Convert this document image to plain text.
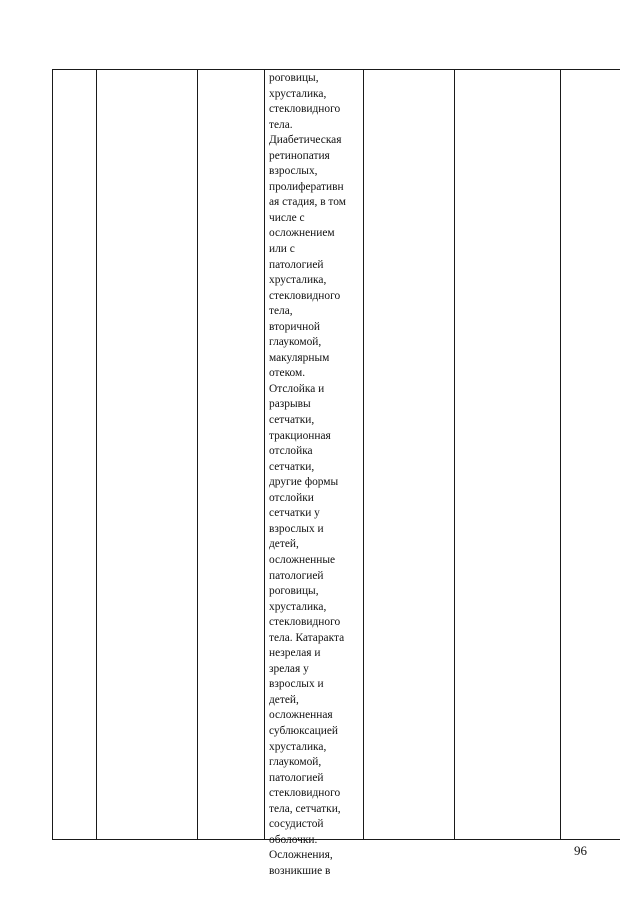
роговицы,
хрусталика,
стекловидного
тела.
Диабетическая
ретинопатия
взрослых,
пролиферативн
ая стадия, в том
числе с
осложнением
или с
патологией
хрусталика,
стекловидного
тела,
вторичной
глаукомой,
макулярным
отеком.
Отслойка и
разрывы
сетчатки,
тракционная
отслойка
сетчатки,
другие формы
отслойки
сетчатки у
взрослых и
детей,
осложненные
патологией
роговицы,
хрусталика,
стекловидного
тела. Катаракта
незрелая и
зрелая у
взрослых и
детей,
осложненная
сублюксацией
хрусталика,
глаукомой,
патологией
стекловидного
тела, сетчатки,
сосудистой
оболочки.
Осложнения,
возникшие в
96
